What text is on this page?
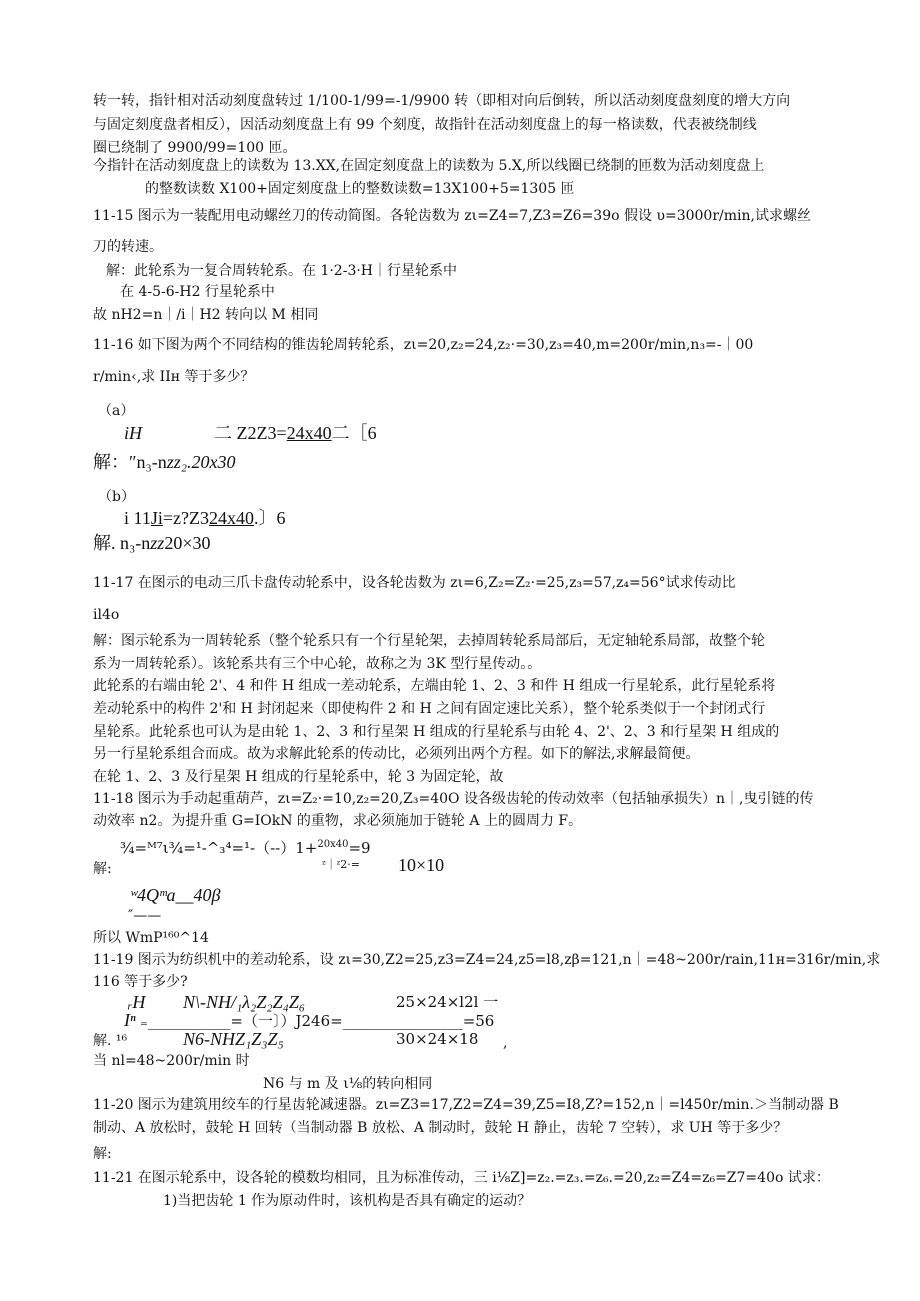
转一转，指针相对活动刻度盘转过 1/100-1/99=-1/9900 转（即相对向后倒转，所以活动刻度盘刻度的增大方向
与固定刻度盘者相反），因活动刻度盘上有 99 个刻度，故指针在活动刻度盘上的每一格读数，代表被绕制线
圈已绕制了 9900/99=100 匝。
今指针在活动刻度盘上的读数为 13.XX,在固定刻度盘上的读数为 5.X,所以线圈已绕制的匝数为活动刻度盘上
的整数读数 X100+固定刻度盘上的整数读数=13X100+5=1305 匝
11-15 图示为一装配用电动螺丝刀的传动简图。各轮齿数为 zι=Z4=7,Z3=Z6=39o 假设 υ=3000r/min,试求螺丝
刀的转速。
解：此轮系为一复合周转轮系。在 1·2-3·H｜行星轮系中
在 4-5-6-H2 行星轮系中
故 nH2=n｜/i｜H2 转向以 M 相同
11-16 如下图为两个不同结构的锥齿轮周转轮系，zι=20,z₂=24,z₂·=30,z₃=40,m=200r/min,n₃=-｜00
r/min‹,求 IIн 等于多少？
（a）
iH	二 Z2Z3=24x40二［6
解：″n₃-nzz₂.20x30
（b）
i 11Ji=z?Z324x40.〕6
解. n₃-nzz20×30
11-17 在图示的电动三爪卡盘传动轮系中，设各轮齿数为 zι=6,Z₂=Z₂·=25,z₃=57,z₄=56°试求传动比
il4o
解：图示轮系为一周转轮系（整个轮系只有一个行星轮架，去掉周转轮系局部后，无定轴轮系局部，故整个轮
系为一周转轮系）。该轮系共有三个中心轮，故称之为 3K 型行星传动。。
此轮系的右端由轮 2'、4 和件 H 组成一差动轮系，左端由轮 1、2、3 和件 H 组成一行星轮系，此行星轮系将
差动轮系中的构件 2'和 H 封闭起来（即使构件 2 和 H 之间有固定速比关系），整个轮系类似于一个封闭式行
星轮系。此轮系也可认为是由轮 1、2、3 和行星架 H 组成的行星轮系与由轮 4、2'、2、3 和行星架 H 组成的
另一行星轮系组合而成。故为求解此轮系的传动比，必须列出两个方程。如下的解法,求解最简便。
在轮 1、2、3 及行星架 H 组成的行星轮系中，轮 3 为固定轮，故
11-18 图示为手动起重葫芦，zι=Z₂·=10,z₂=20,Z₃=40O 设各级齿轮的传动效率（包括轴承损失）n｜,曳引链的传
动效率 n2。为提升重 G=IOkN 的重物，求必须施加于链轮 A 上的圆周力 F。
¾=ᴹ⁷ι¾=¹-^₃⁴=¹-（--）1+$^{20x40}$=9
解:	ᶻ｜ᶻ2·= 10×10
ʷ4Qᵐa__40β
″——
所以 WmP¹⁶⁰^14
11-19 图示为纺织机中的差动轮系，设 zι=30,Z2=25,z3=Z4=24,z5=l8,zβ=121,n｜=48~200r/rain,11н=316r/min,求
116 等于多少?
ᵣH N\-NH/₁λ₂Z₂Z₄Z₆	25×24×l2l 一
Iⁿ ₌___________=（一〕）J246=________________=56
解. ¹⁶	N6-NHZ₁Z₃Z₅	30×24×18 ,
当 nl=48~200r/min 时
N6 与 m 及 ι⅛的转向相同
11-20 图示为建筑用绞车的行星齿轮减速器。zι=Z3=17,Z2=Z4=39,Z5=I8,Z?=152,n｜=l450r/min.＞当制动器 B
制动、A 放松时，鼓轮 H 回转（当制动器 B 放松、A 制动时，鼓轮 H 静止，齿轮 7 空转），求 UH 等于多少？
解:
11-21 在图示轮系中，设各轮的模数均相同，且为标准传动，三 i⅛Z]=z₂.=z₃.=z₆.=20,z₂=Z4=z₆=Z7=40o 试求：
1)当把齿轮 1 作为原动件时，该机构是否具有确定的运动？
